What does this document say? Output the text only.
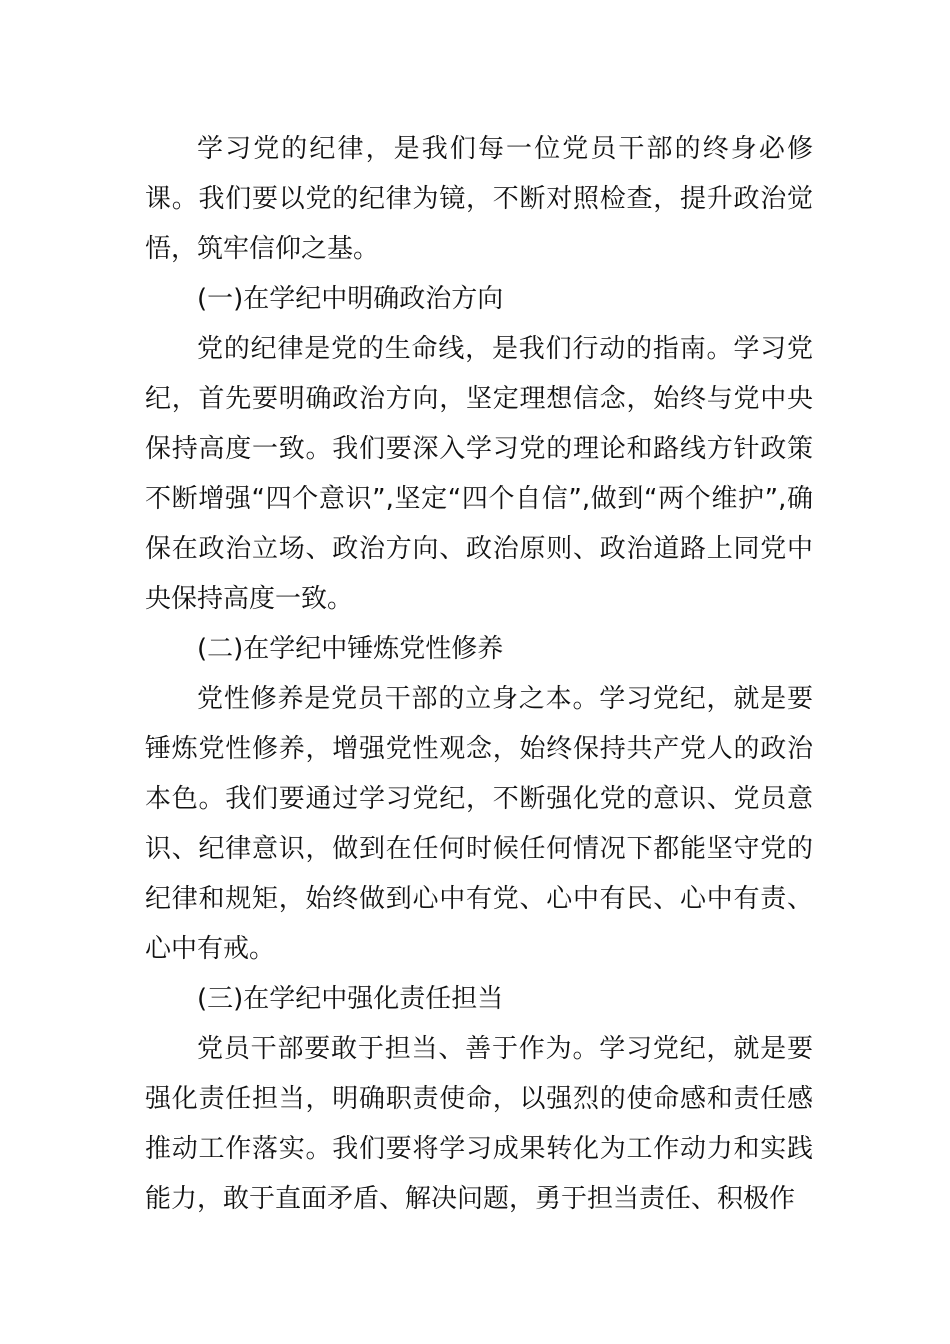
学习党的纪律，是我们每一位党员干部的终身必修课。我们要以党的纪律为镜，不断对照检查，提升政治觉悟，筑牢信仰之基。

(一)在学纪中明确政治方向

党的纪律是党的生命线，是我们行动的指南。学习党纪，首先要明确政治方向，坚定理想信念，始终与党中央保持高度一致。我们要深入学习党的理论和路线方针政策不断增强“四个意识”,坚定“四个自信”,做到“两个维护”,确保在政治立场、政治方向、政治原则、政治道路上同党中央保持高度一致。

(二)在学纪中锤炼党性修养

党性修养是党员干部的立身之本。学习党纪，就是要锤炼党性修养，增强党性观念，始终保持共产党人的政治本色。我们要通过学习党纪，不断强化党的意识、党员意识、纪律意识，做到在任何时候任何情况下都能坚守党的纪律和规矩，始终做到心中有党、心中有民、心中有责、心中有戒。

(三)在学纪中强化责任担当

党员干部要敢于担当、善于作为。学习党纪，就是要强化责任担当，明确职责使命，以强烈的使命感和责任感推动工作落实。我们要将学习成果转化为工作动力和实践能力，敢于直面矛盾、解决问题，勇于担当责任、积极作
